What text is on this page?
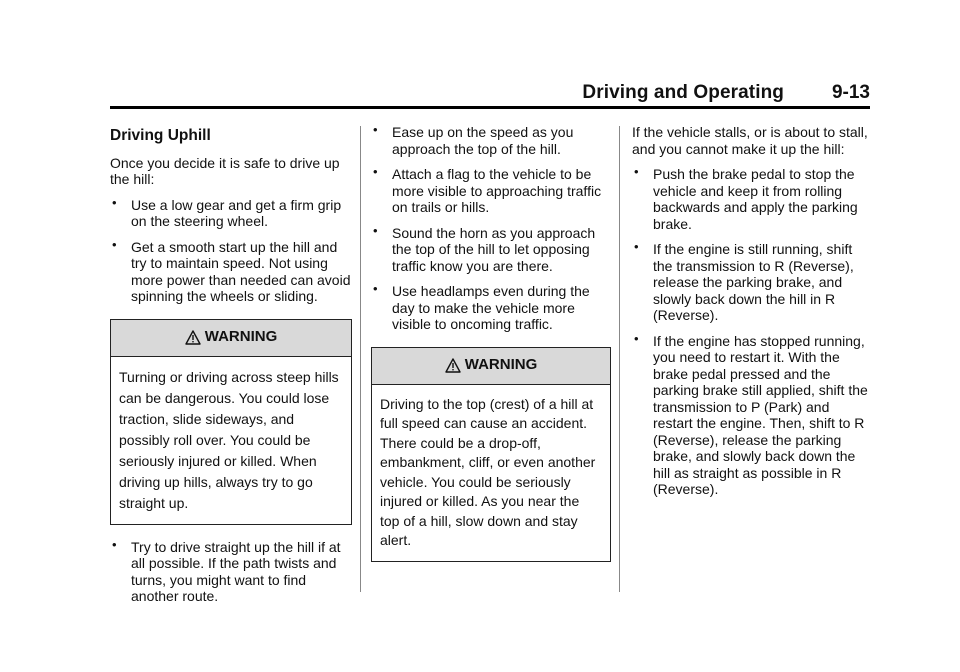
Driving and Operating	9-13
Driving Uphill

Once you decide it is safe to drive up the hill:

• Use a low gear and get a firm grip on the steering wheel.
• Get a smooth start up the hill and try to maintain speed. Not using more power than needed can avoid spinning the wheels or sliding.
WARNING
Turning or driving across steep hills can be dangerous. You could lose traction, slide sideways, and possibly roll over. You could be seriously injured or killed. When driving up hills, always try to go straight up.
• Try to drive straight up the hill if at all possible. If the path twists and turns, you might want to find another route.
• Ease up on the speed as you approach the top of the hill.
• Attach a flag to the vehicle to be more visible to approaching traffic on trails or hills.
• Sound the horn as you approach the top of the hill to let opposing traffic know you are there.
• Use headlamps even during the day to make the vehicle more visible to oncoming traffic.
WARNING
Driving to the top (crest) of a hill at full speed can cause an accident. There could be a drop-off, embankment, cliff, or even another vehicle. You could be seriously injured or killed. As you near the top of a hill, slow down and stay alert.

If the vehicle stalls, or is about to stall, and you cannot make it up the hill:

• Push the brake pedal to stop the vehicle and keep it from rolling backwards and apply the parking brake.
• If the engine is still running, shift the transmission to R (Reverse), release the parking brake, and slowly back down the hill in R (Reverse).
• If the engine has stopped running, you need to restart it. With the brake pedal pressed and the parking brake still applied, shift the transmission to P (Park) and restart the engine. Then, shift to R (Reverse), release the parking brake, and slowly back down the hill as straight as possible in R (Reverse).
